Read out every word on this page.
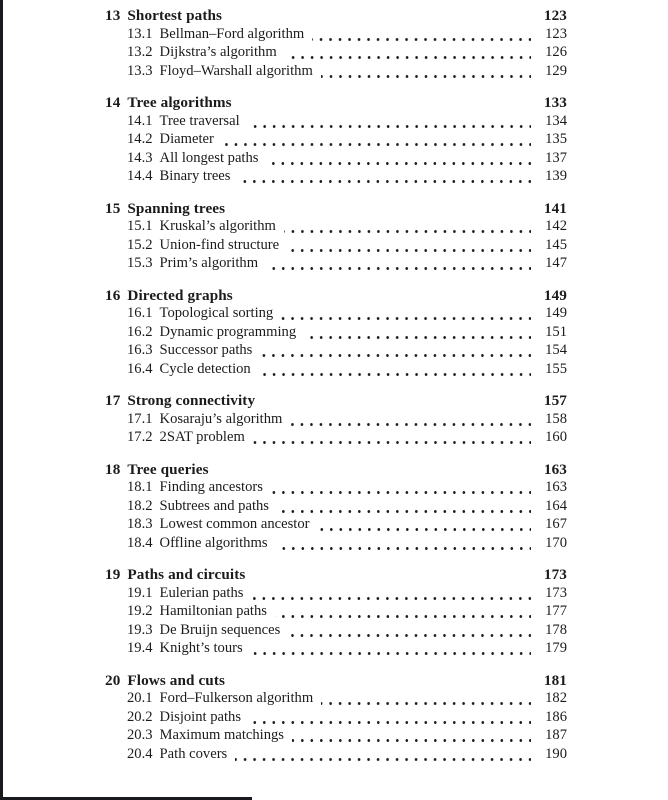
13 Shortest paths	123
13.1 Bellman–Ford algorithm	123
13.2 Dijkstra’s algorithm	126
13.3 Floyd–Warshall algorithm	129
14 Tree algorithms	133
14.1 Tree traversal	134
14.2 Diameter	135
14.3 All longest paths	137
14.4 Binary trees	139
15 Spanning trees	141
15.1 Kruskal’s algorithm	142
15.2 Union-find structure	145
15.3 Prim’s algorithm	147
16 Directed graphs	149
16.1 Topological sorting	149
16.2 Dynamic programming	151
16.3 Successor paths	154
16.4 Cycle detection	155
17 Strong connectivity	157
17.1 Kosaraju’s algorithm	158
17.2 2SAT problem	160
18 Tree queries	163
18.1 Finding ancestors	163
18.2 Subtrees and paths	164
18.3 Lowest common ancestor	167
18.4 Offline algorithms	170
19 Paths and circuits	173
19.1 Eulerian paths	173
19.2 Hamiltonian paths	177
19.3 De Bruijn sequences	178
19.4 Knight’s tours	179
20 Flows and cuts	181
20.1 Ford–Fulkerson algorithm	182
20.2 Disjoint paths	186
20.3 Maximum matchings	187
20.4 Path covers	190
